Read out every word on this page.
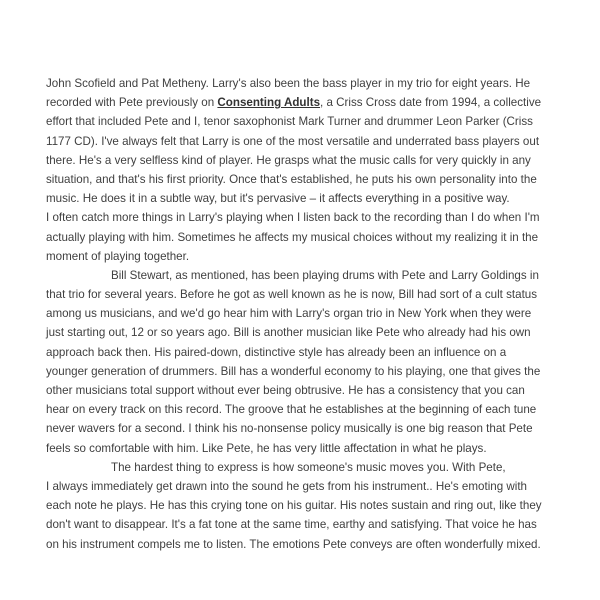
John Scofield and Pat Metheny. Larry's also been the bass player in my trio for eight years. He
recorded with Pete previously on Consenting Adults, a Criss Cross date from 1994, a collective
effort that included Pete and I, tenor saxophonist Mark Turner and drummer Leon Parker (Criss
1177 CD). I've always felt that Larry is one of the most versatile and underrated bass players out
there. He's a very selfless kind of player. He grasps what the music calls for very quickly in any
situation, and that's his first priority. Once that's established, he puts his own personality into the
music. He does it in a subtle way, but it's pervasive – it affects everything in a positive way.
I often catch more things in Larry's playing when I listen back to the recording than I do when I'm
actually playing with him. Sometimes he affects my musical choices without my realizing it in the
moment of playing together.
Bill Stewart, as mentioned, has been playing drums with Pete and Larry Goldings in
that trio for several years. Before he got as well known as he is now, Bill had sort of a cult status
among us musicians, and we'd go hear him with Larry's organ trio in New York when they were
just starting out, 12 or so years ago. Bill is another musician like Pete who already had his own
approach back then. His paired-down, distinctive style has already been an influence on a
younger generation of drummers. Bill has a wonderful economy to his playing, one that gives the
other musicians total support without ever being obtrusive. He has a consistency that you can
hear on every track on this record. The groove that he establishes at the beginning of each tune
never wavers for a second. I think his no-nonsense policy musically is one big reason that Pete
feels so comfortable with him. Like Pete, he has very little affectation in what he plays.
The hardest thing to express is how someone's music moves you. With Pete,
I always immediately get drawn into the sound he gets from his instrument.. He's emoting with
each note he plays. He has this crying tone on his guitar. His notes sustain and ring out, like they
don't want to disappear. It's a fat tone at the same time, earthy and satisfying. That voice he has
on his instrument compels me to listen. The emotions Pete conveys are often wonderfully mixed.
